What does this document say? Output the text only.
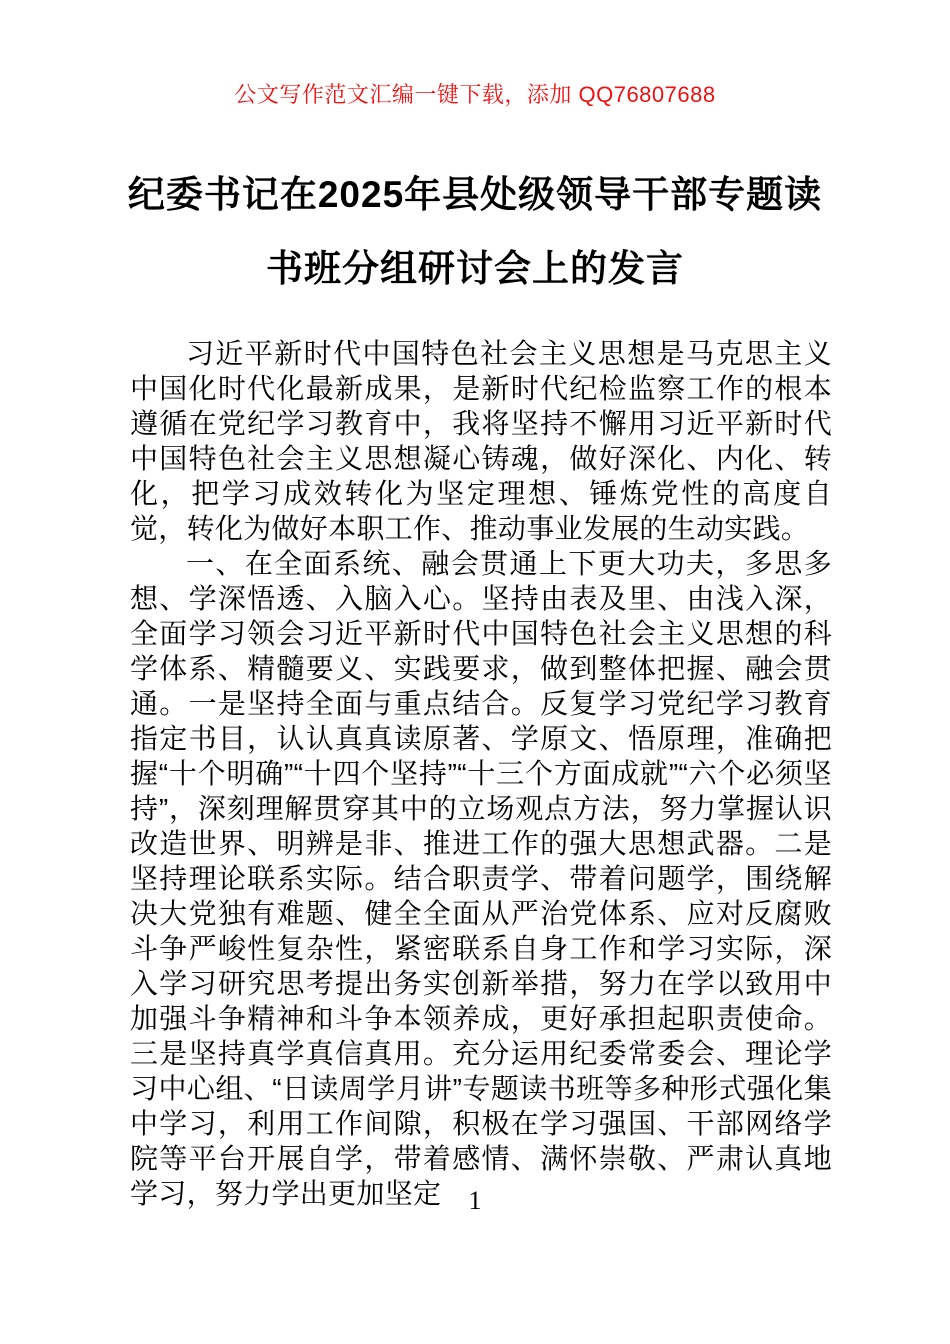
公文写作范文汇编一键下载，添加 QQ76807688
纪委书记在2025年县处级领导干部专题读
书班分组研讨会上的发言

习近平新时代中国特色社会主义思想是马克思主义中国化时代化最新成果，是新时代纪检监察工作的根本遵循在党纪学习教育中，我将坚持不懈用习近平新时代中国特色社会主义思想凝心铸魂，做好深化、内化、转化，把学习成效转化为坚定理想、锤炼党性的高度自觉，转化为做好本职工作、推动事业发展的生动实践。

一、在全面系统、融会贯通上下更大功夫，多思多想、学深悟透、入脑入心。坚持由表及里、由浅入深，全面学习领会习近平新时代中国特色社会主义思想的科学体系、精髓要义、实践要求，做到整体把握、融会贯通。一是坚持全面与重点结合。反复学习党纪学习教育指定书目，认认真真读原著、学原文、悟原理，准确把握“十个明确”“十四个坚持”“十三个方面成就”“六个必须坚持”，深刻理解贯穿其中的立场观点方法，努力掌握认识改造世界、明辨是非、推进工作的强大思想武器。二是坚持理论联系实际。结合职责学、带着问题学，围绕解决大党独有难题、健全全面从严治党体系、应对反腐败斗争严峻性复杂性，紧密联系自身工作和学习实际，深入学习研究思考提出务实创新举措，努力在学以致用中加强斗争精神和斗争本领养成，更好承担起职责使命。三是坚持真学真信真用。充分运用纪委常委会、理论学习中心组、“日读周学月讲”专题读书班等多种形式强化集中学习，利用工作间隙，积极在学习强国、干部网络学院等平台开展自学，带着感情、满怀崇敬、严肃认真地学习，努力学出更加坚定	1
